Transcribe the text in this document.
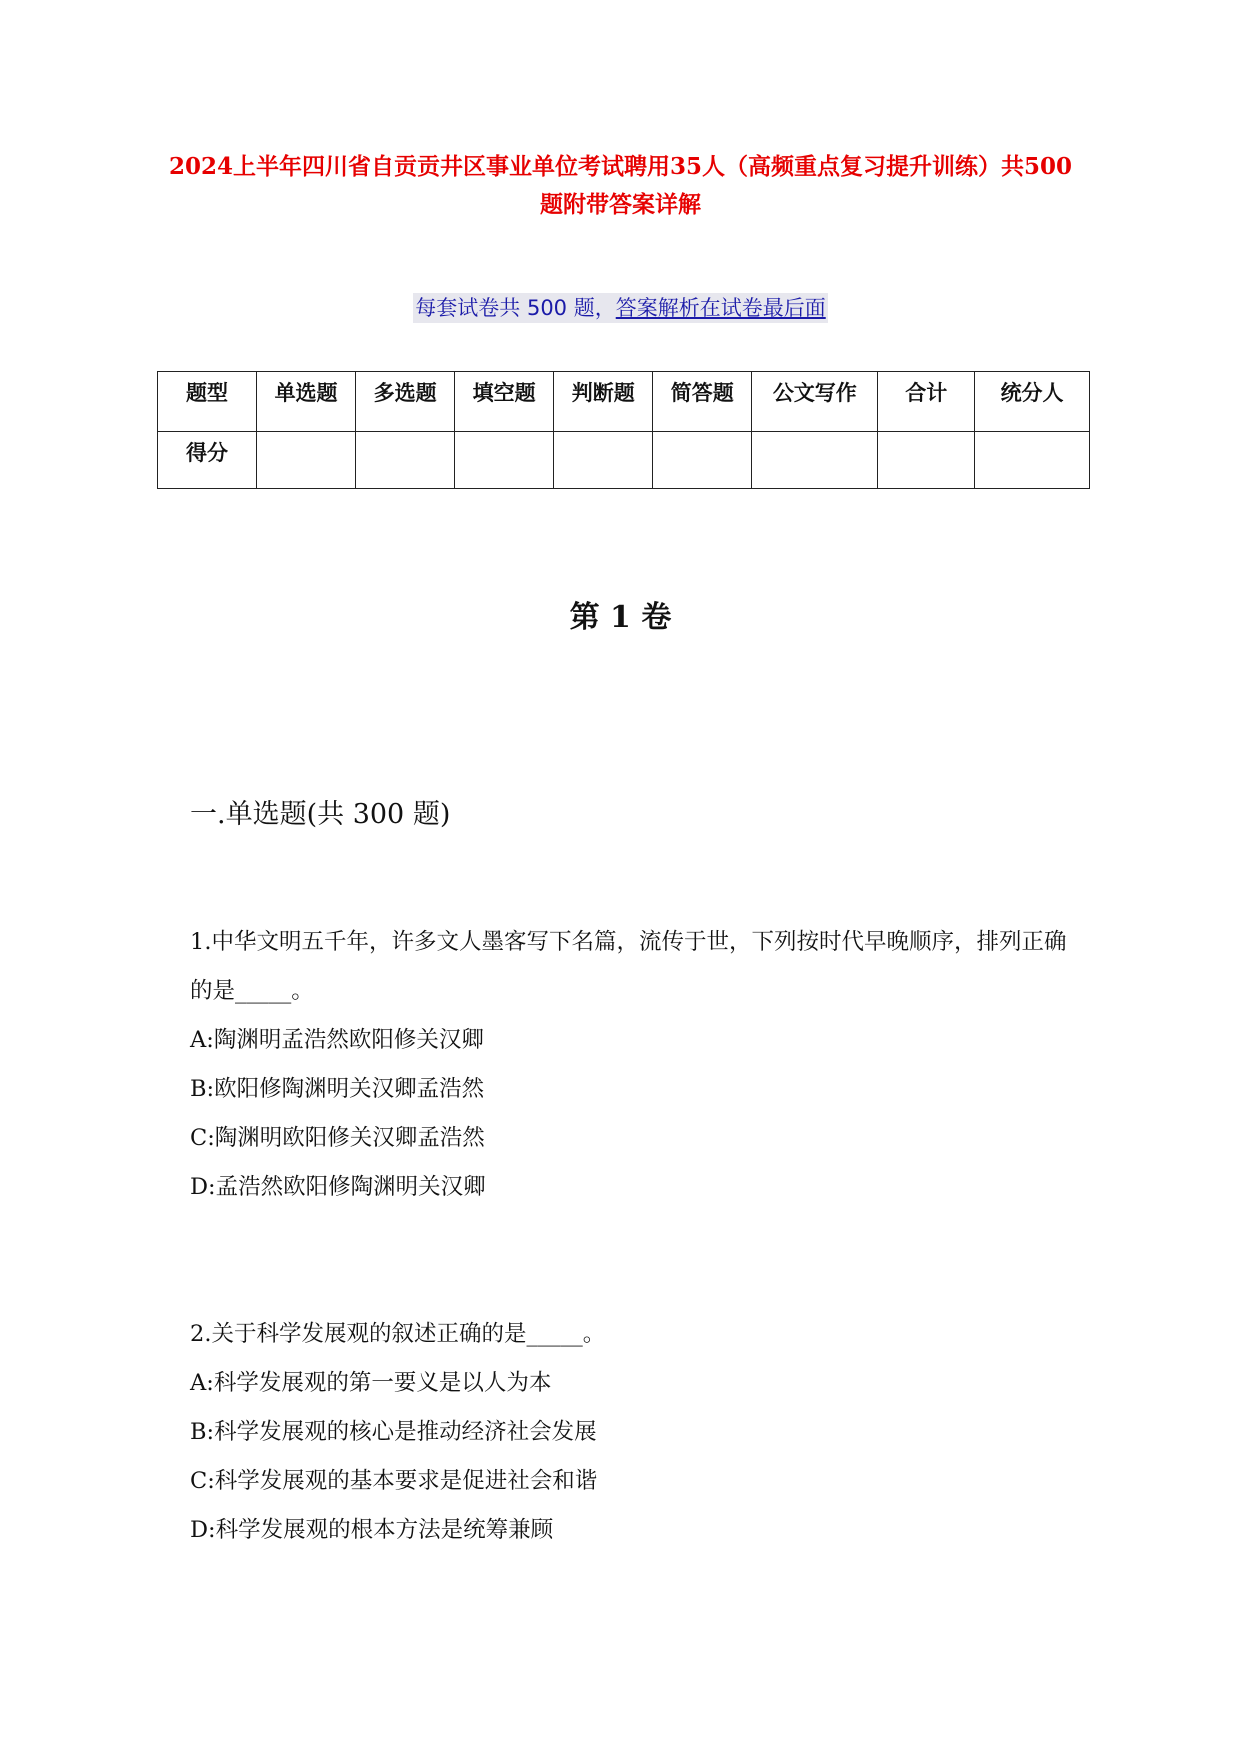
2024上半年四川省自贡贡井区事业单位考试聘用35人（高频重点复习提升训练）共500题附带答案详解
每套试卷共 500 题，答案解析在试卷最后面
题型	单选题	多选题	填空题	判断题	简答题	公文写作	合计	统分人
得分								
第 1 卷
一.单选题(共 300 题)

1.中华文明五千年，许多文人墨客写下名篇，流传于世，下列按时代早晚顺序，排列正确的是_____。

A:陶渊明孟浩然欧阳修关汉卿

B:欧阳修陶渊明关汉卿孟浩然

C:陶渊明欧阳修关汉卿孟浩然

D:孟浩然欧阳修陶渊明关汉卿

2.关于科学发展观的叙述正确的是_____。

A:科学发展观的第一要义是以人为本

B:科学发展观的核心是推动经济社会发展

C:科学发展观的基本要求是促进社会和谐

D:科学发展观的根本方法是统筹兼顾
